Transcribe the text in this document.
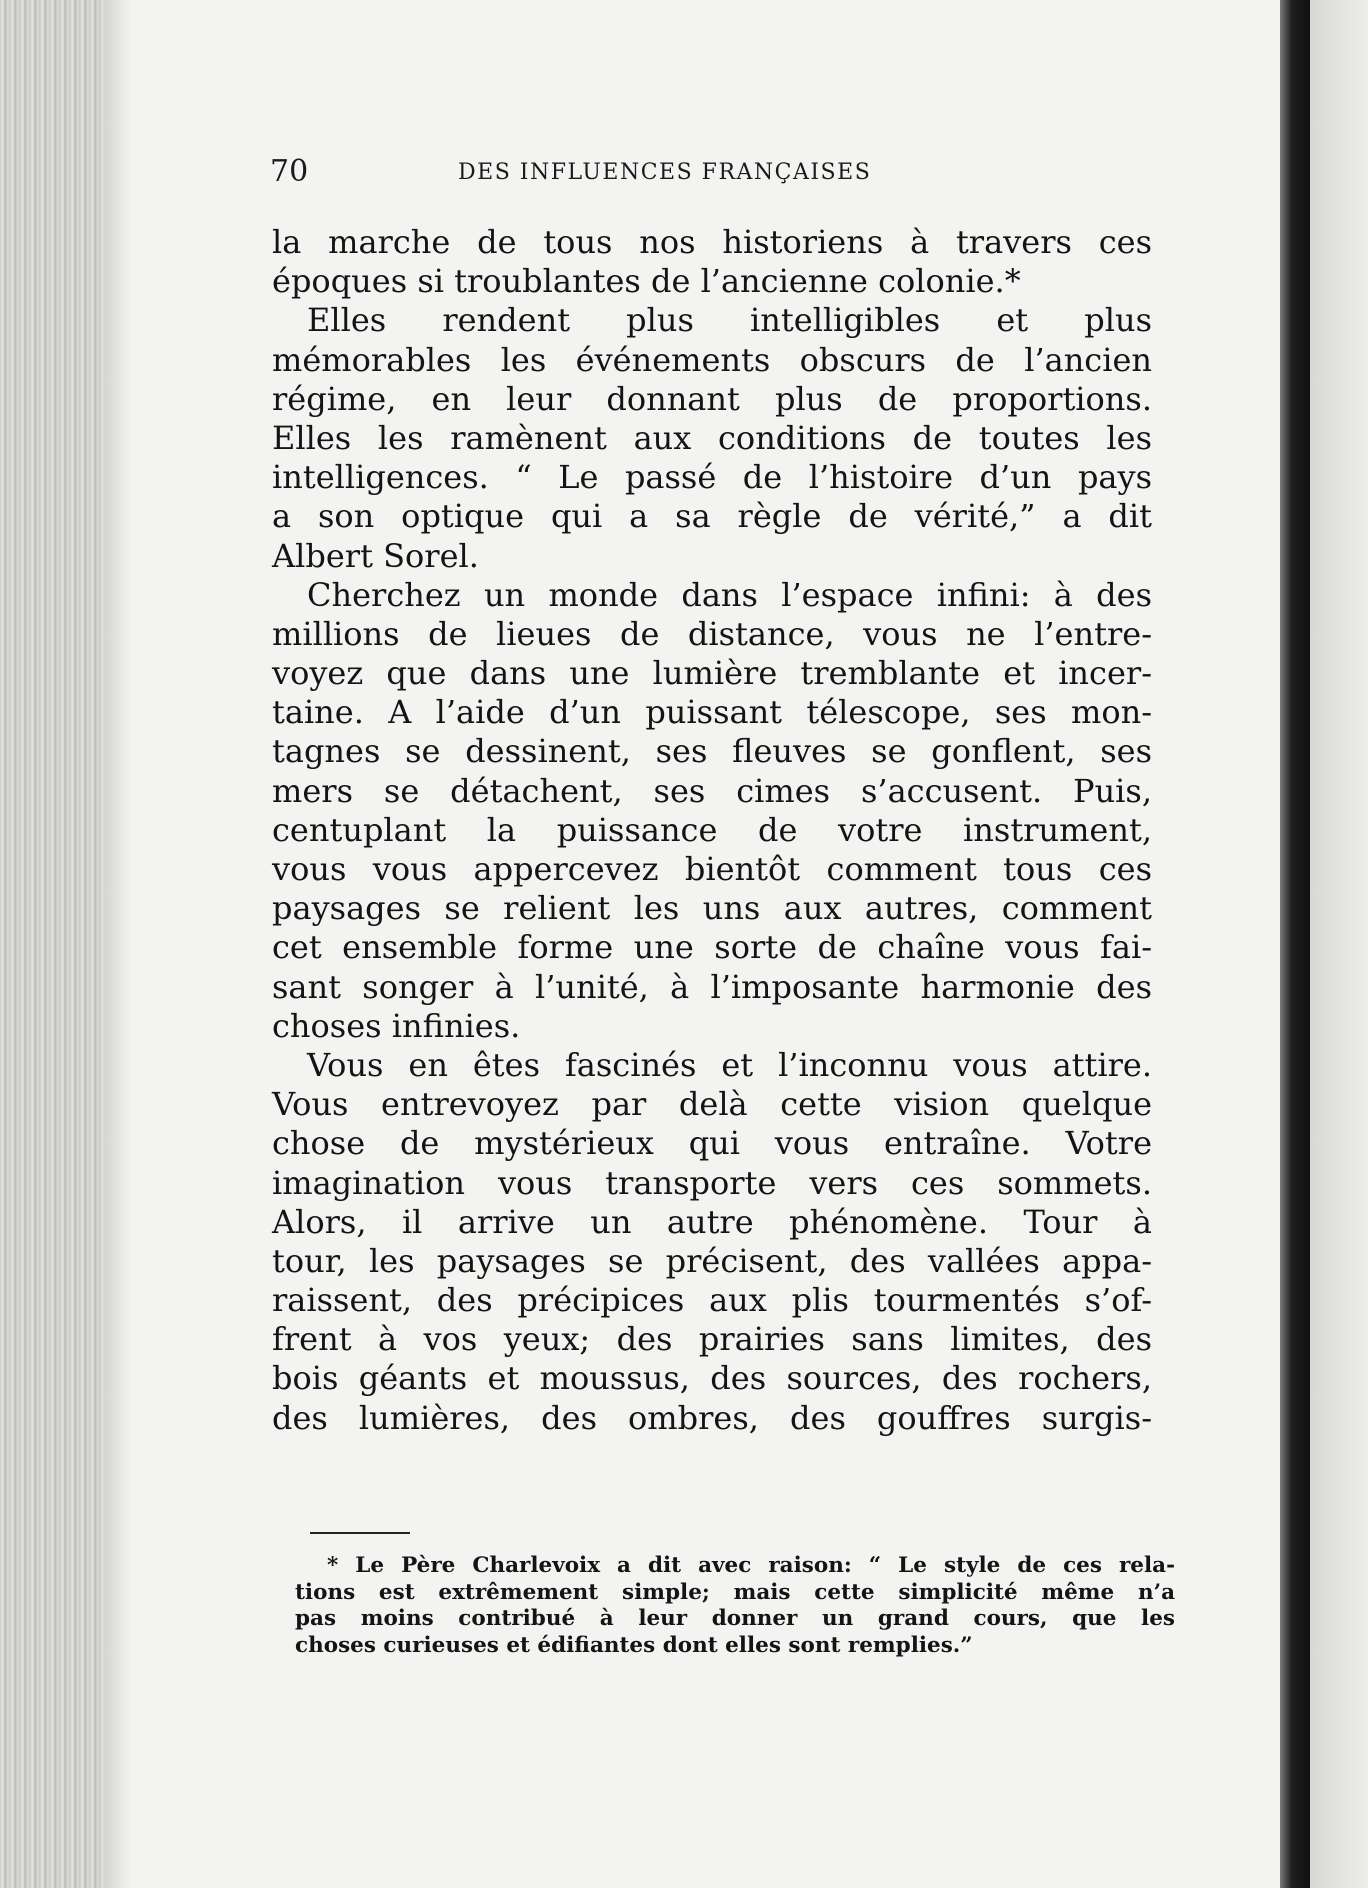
70	DES INFLUENCES FRANÇAISES
la marche de tous nos historiens à travers ces
époques si troublantes de l’ancienne colonie.*
Elles rendent plus intelligibles et plus
mémorables les événements obscurs de l’ancien
régime, en leur donnant plus de proportions.
Elles les ramènent aux conditions de toutes les
intelligences. “ Le passé de l’histoire d’un pays
a son optique qui a sa règle de vérité,” a dit
Albert Sorel.
Cherchez un monde dans l’espace infini: à des
millions de lieues de distance, vous ne l’entre-
voyez que dans une lumière tremblante et incer-
taine. A l’aide d’un puissant télescope, ses mon-
tagnes se dessinent, ses fleuves se gonflent, ses
mers se détachent, ses cimes s’accusent. Puis,
centuplant la puissance de votre instrument,
vous vous appercevez bientôt comment tous ces
paysages se relient les uns aux autres, comment
cet ensemble forme une sorte de chaîne vous fai-
sant songer à l’unité, à l’imposante harmonie des
choses infinies.
Vous en êtes fascinés et l’inconnu vous attire.
Vous entrevoyez par delà cette vision quelque
chose de mystérieux qui vous entraîne. Votre
imagination vous transporte vers ces sommets.
Alors, il arrive un autre phénomène. Tour à
tour, les paysages se précisent, des vallées appa-
raissent, des précipices aux plis tourmentés s’of-
frent à vos yeux; des prairies sans limites, des
bois géants et moussus, des sources, des rochers,
des lumières, des ombres, des gouffres surgis-
* Le Père Charlevoix a dit avec raison: “ Le style de ces rela-
tions est extrêmement simple; mais cette simplicité même n’a
pas moins contribué à leur donner un grand cours, que les
choses curieuses et édifiantes dont elles sont remplies.”
